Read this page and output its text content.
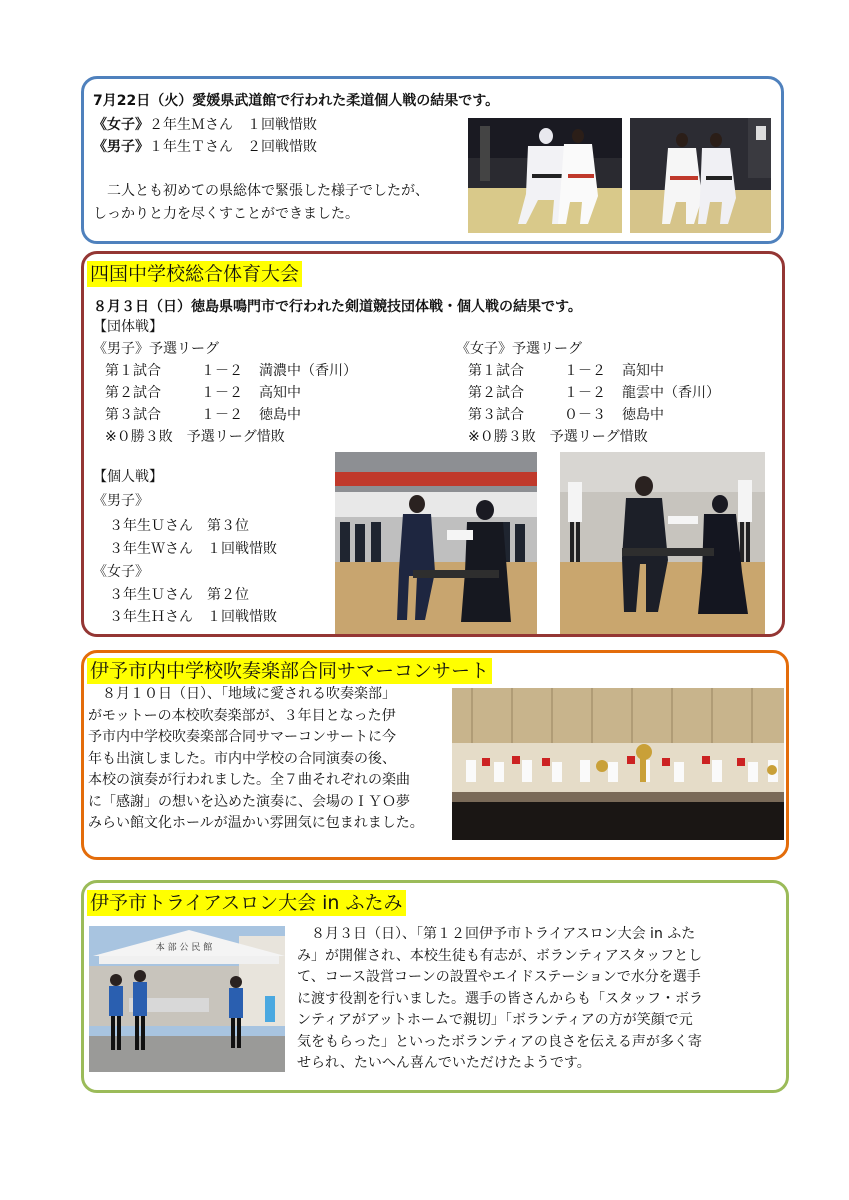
7月22日（火）愛媛県武道館で行われた柔道個人戦の結果です。
《女子》２年生Ｍさん　１回戦惜敗
《男子》１年生Ｔさん　２回戦惜敗
　二人とも初めての県総体で緊張した様子でしたが、
しっかりと力を尽くすことができました。
四国中学校総合体育大会
８月３日（日）徳島県鳴門市で行われた剣道競技団体戦・個人戦の結果です。
【団体戦】
《男子》予選リーグ
第１試合	１－２ 満濃中（香川）
第２試合	１－２ 高知中
第３試合	１－２ 徳島中
※０勝３敗　予選リーグ惜敗
《女子》予選リーグ
第１試合	１－２ 高知中
第２試合	１－２ 龍雲中（香川）
第３試合	０－３ 徳島中
※０勝３敗　予選リーグ惜敗
【個人戦】
《男子》
３年生Ｕさん　第３位
３年生Ｗさん　１回戦惜敗
《女子》
３年生Ｕさん　第２位
３年生Ｈさん　１回戦惜敗
伊予市内中学校吹奏楽部合同サマーコンサート
　８月１０日（日）、「地域に愛される吹奏楽部」
がモットーの本校吹奏楽部が、３年目となった伊
予市内中学校吹奏楽部合同サマーコンサートに今
年も出演しました。市内中学校の合同演奏の後、
本校の演奏が行われました。全７曲それぞれの楽曲
に「感謝」の想いを込めた演奏に、会場のＩＹＯ夢
みらい館文化ホールが温かい雰囲気に包まれました。
伊予市トライアスロン大会 in ふたみ
本 部 公 民 館
　８月３日（日）、「第１２回伊予市トライアスロン大会 in ふた
み」が開催され、本校生徒も有志が、ボランティアスタッフとし
て、コース設営コーンの設置やエイドステーションで水分を選手
に渡す役割を行いました。選手の皆さんからも「スタッフ・ボラ
ンティアがアットホームで親切」「ボランティアの方が笑顔で元
気をもらった」といったボランティアの良さを伝える声が多く寄
せられ、たいへん喜んでいただけたようです。
